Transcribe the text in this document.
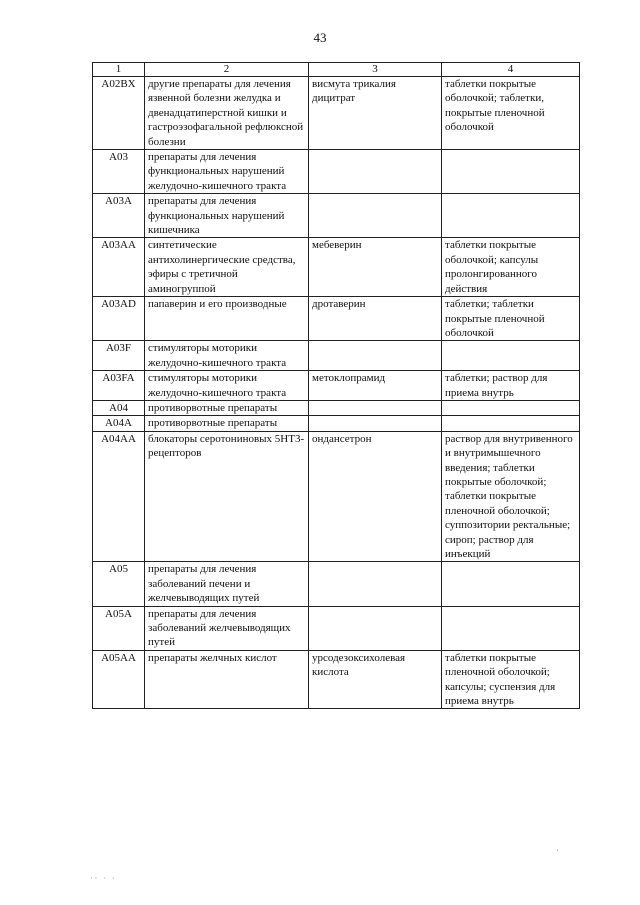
43
1	2	3	4
A02BX	другие препараты для лечения язвенной болезни желудка и двенадцатиперстной кишки и гастроэзофагальной рефлюксной болезни	висмута трикалия дицитрат	таблетки покрытые оболочкой; таблетки, покрытые пленочной оболочкой
A03	препараты для лечения функциональных нарушений желудочно-кишечного тракта		
A03A	препараты для лечения функциональных нарушений кишечника		
A03AA	синтетические антихолинергические средства, эфиры с третичной аминогруппой	мебеверин	таблетки покрытые оболочкой; капсулы пролонгированного действия
A03AD	папаверин и его производные	дротаверин	таблетки; таблетки покрытые пленочной оболочкой
A03F	стимуляторы моторики желудочно-кишечного тракта		
A03FA	стимуляторы моторики желудочно-кишечного тракта	метоклопрамид	таблетки; раствор для приема внутрь
A04	противорвотные препараты		
A04A	противорвотные препараты		
A04AA	блокаторы серотониновых 5НТ3-рецепторов	ондансетрон	раствор для внутривенного и внутримышечного введения; таблетки покрытые оболочкой; таблетки покрытые пленочной оболочкой; суппозитории ректальные; сироп; раствор для инъекций
A05	препараты для лечения заболеваний печени и желчевыводящих путей		
A05A	препараты для лечения заболеваний желчевыводящих путей		
A05AA	препараты желчных кислот	урсодезоксихолевая кислота	таблетки покрытые пленочной оболочкой; капсулы; суспензия для приема внутрь
·
·· · ·
